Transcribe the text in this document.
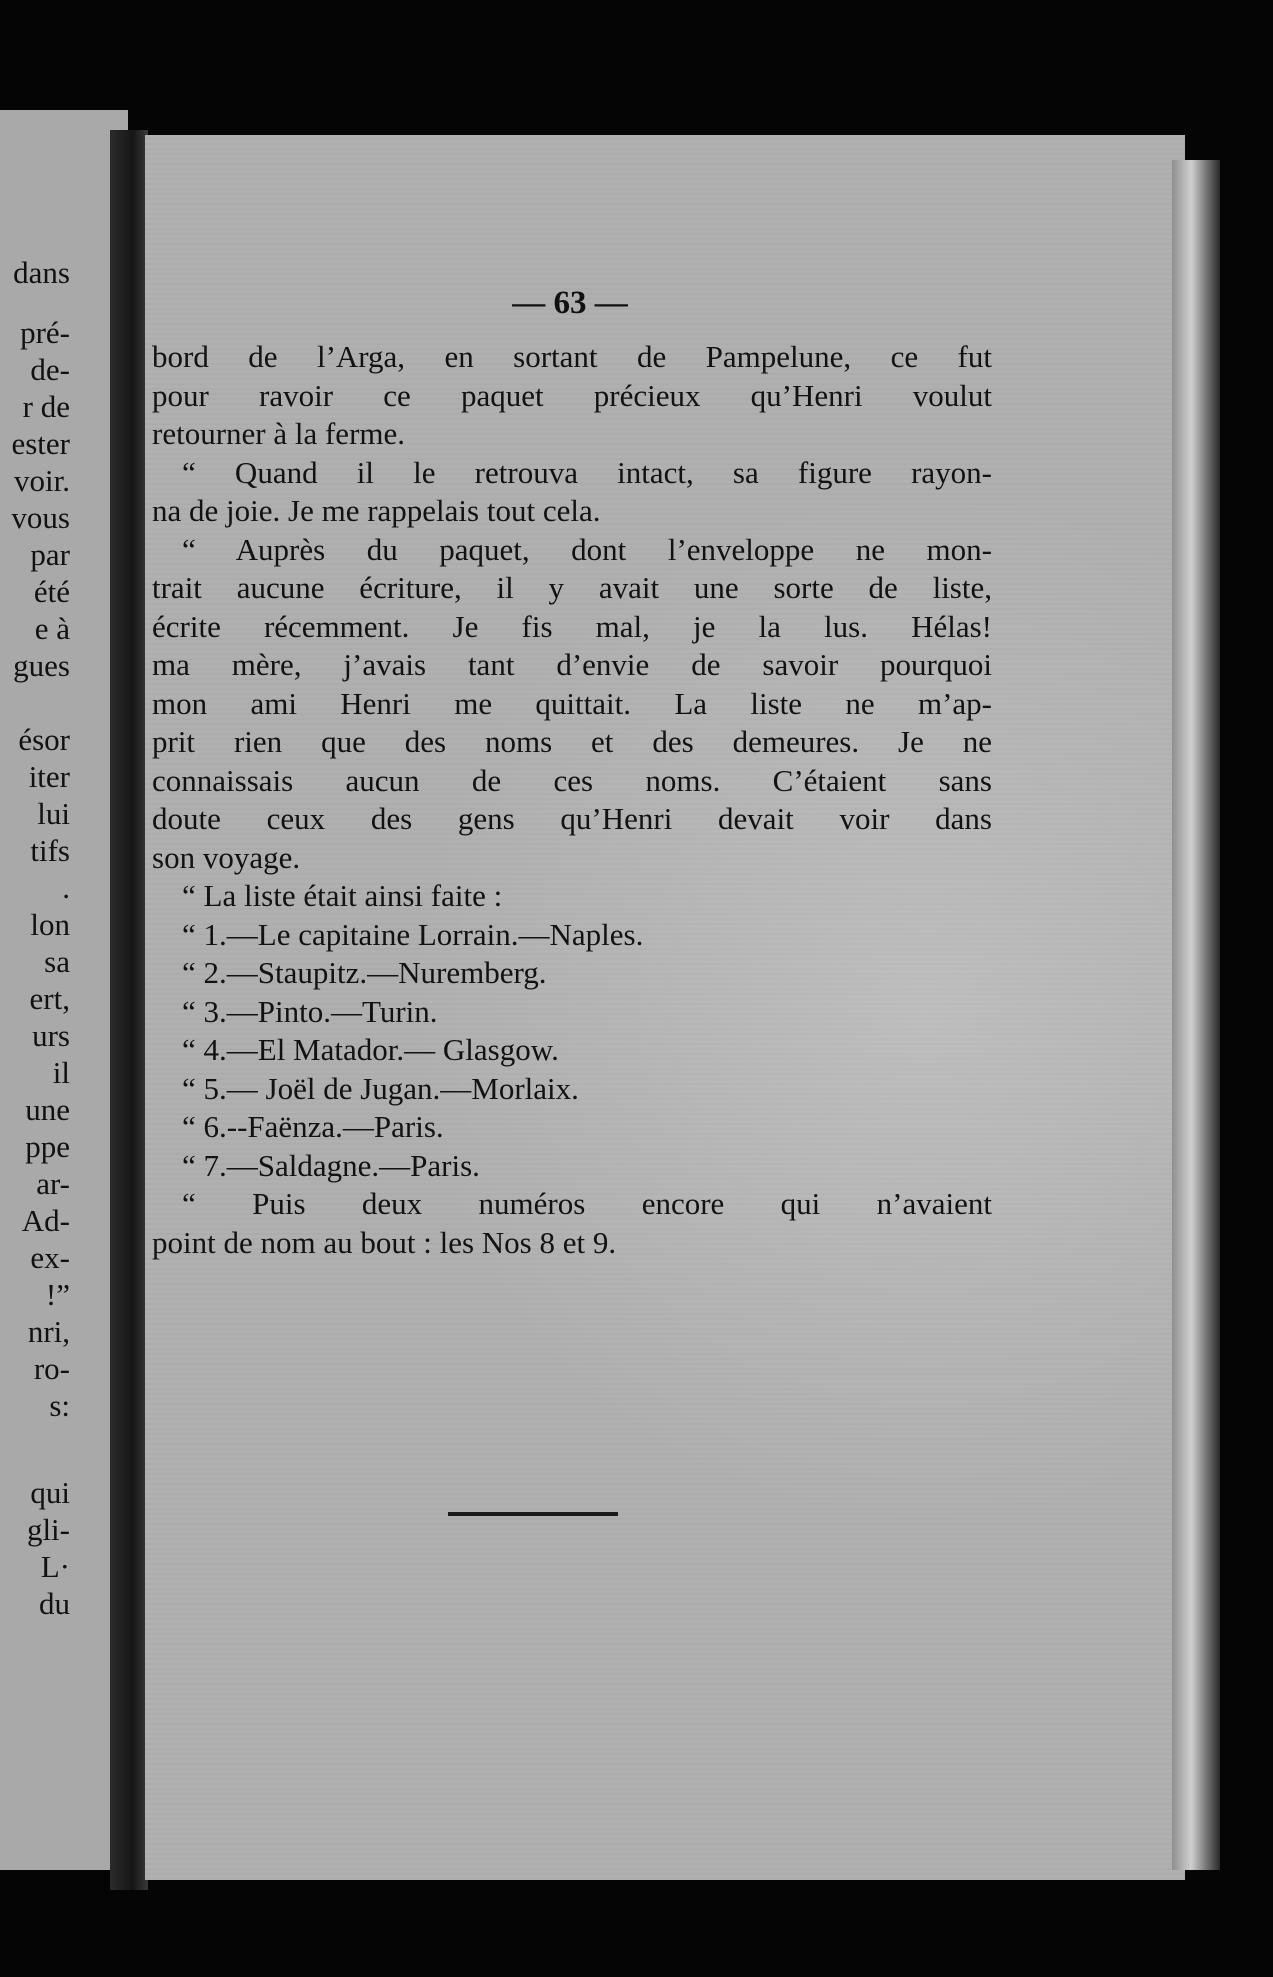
dans
pré-
de-
r de
ester
voir.
vous
par
été
e à
gues
ésor
iter
lui
tifs
.
lon
sa
ert,
urs
il
une
ppe
ar-
Ad-
ex-
!”
nri,
ro-
s:
qui
gli-
L·
du
— 63 —
bord de l’Arga, en sortant de Pampelune, ce fut
pour ravoir ce paquet précieux qu’Henri voulut
retourner à la ferme.
“ Quand il le retrouva intact, sa figure rayon-
na de joie. Je me rappelais tout cela.
“ Auprès du paquet, dont l’enveloppe ne mon-
trait aucune écriture, il y avait une sorte de liste,
écrite récemment. Je fis mal, je la lus. Hélas!
ma mère, j’avais tant d’envie de savoir pourquoi
mon ami Henri me quittait. La liste ne m’ap-
prit rien que des noms et des demeures. Je ne
connaissais aucun de ces noms. C’étaient sans
doute ceux des gens qu’Henri devait voir dans
son voyage.
“ La liste était ainsi faite :
“ 1.—Le capitaine Lorrain.—Naples.
“ 2.—Staupitz.—Nuremberg.
“ 3.—Pinto.—Turin.
“ 4.—El Matador.— Glasgow.
“ 5.— Joël de Jugan.—Morlaix.
“ 6.--Faënza.—Paris.
“ 7.—Saldagne.—Paris.
“ Puis deux numéros encore qui n’avaient
point de nom au bout : les Nos 8 et 9.
